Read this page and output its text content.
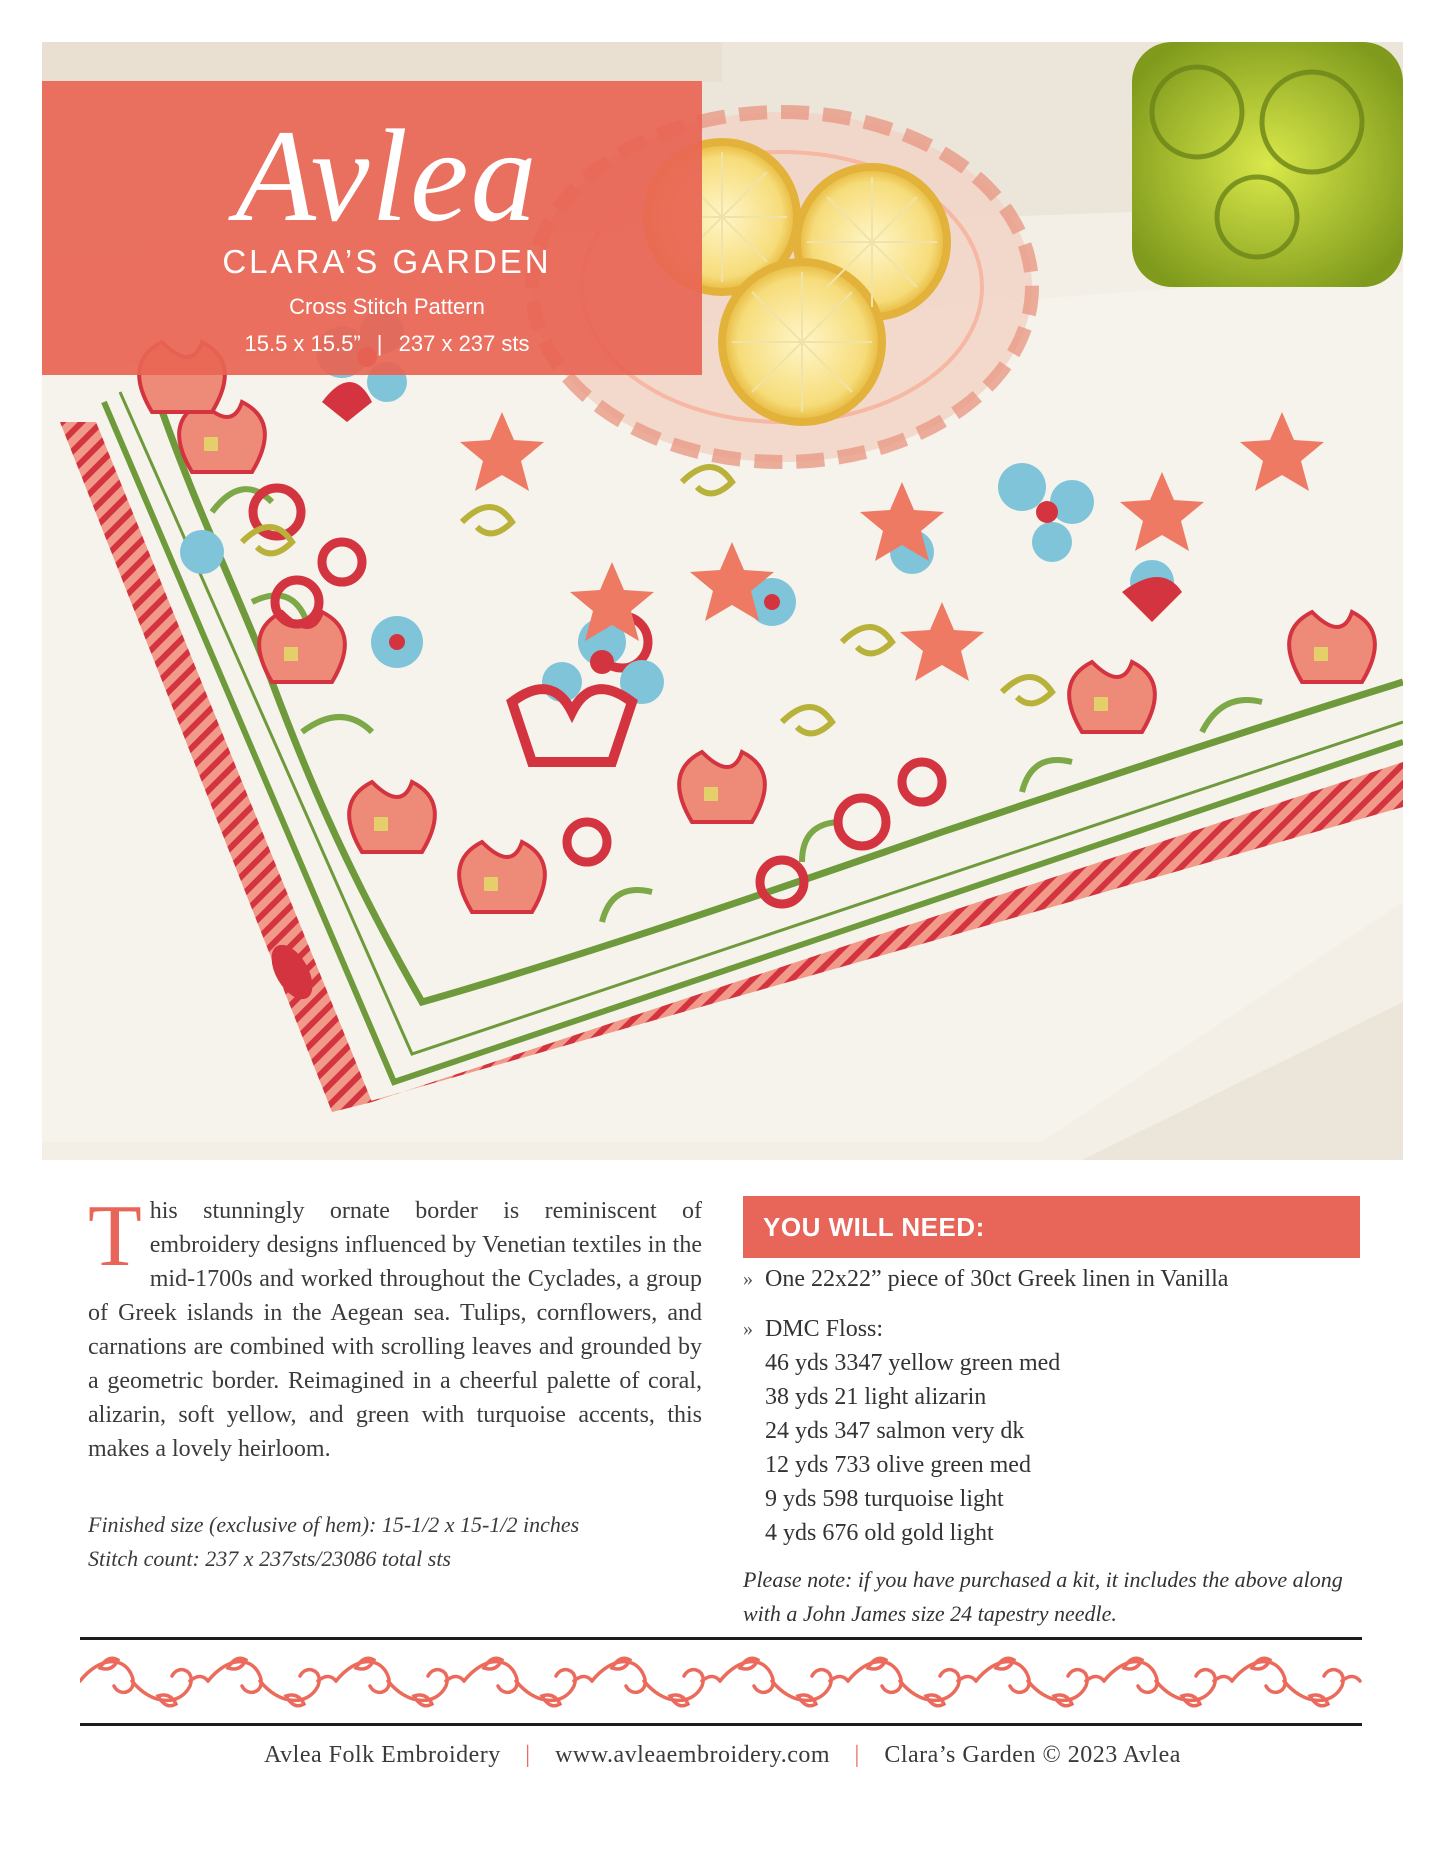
Avlea
CLARA’S GARDEN
Cross Stitch Pattern
15.5 x 15.5” | 237 x 237 sts
T his stunningly ornate border is reminiscent of embroidery designs influenced by Venetian textiles in the mid-1700s and worked throughout the Cyclades, a group of Greek islands in the Aegean sea. Tulips, cornflowers, and carnations are combined with scrolling leaves and grounded by a geometric border. Reimagined in a cheerful palette of coral, alizarin, soft yellow, and green with turquoise accents, this makes a lovely heirloom.
Finished size (exclusive of hem): 15-1/2 x 15-1/2 inches
Stitch count: 237 x 237sts/23086 total sts
YOU WILL NEED:
» One 22x22” piece of 30ct Greek linen in Vanilla
» DMC Floss:
46 yds 3347 yellow green med
38 yds 21 light alizarin
24 yds 347 salmon very dk
12 yds 733 olive green med
9 yds 598 turquoise light
4 yds 676 old gold light
Please note: if you have purchased a kit, it includes the above along with a John James size 24 tapestry needle.
Avlea Folk Embroidery | www.avleaembroidery.com | Clara’s Garden © 2023 Avlea
